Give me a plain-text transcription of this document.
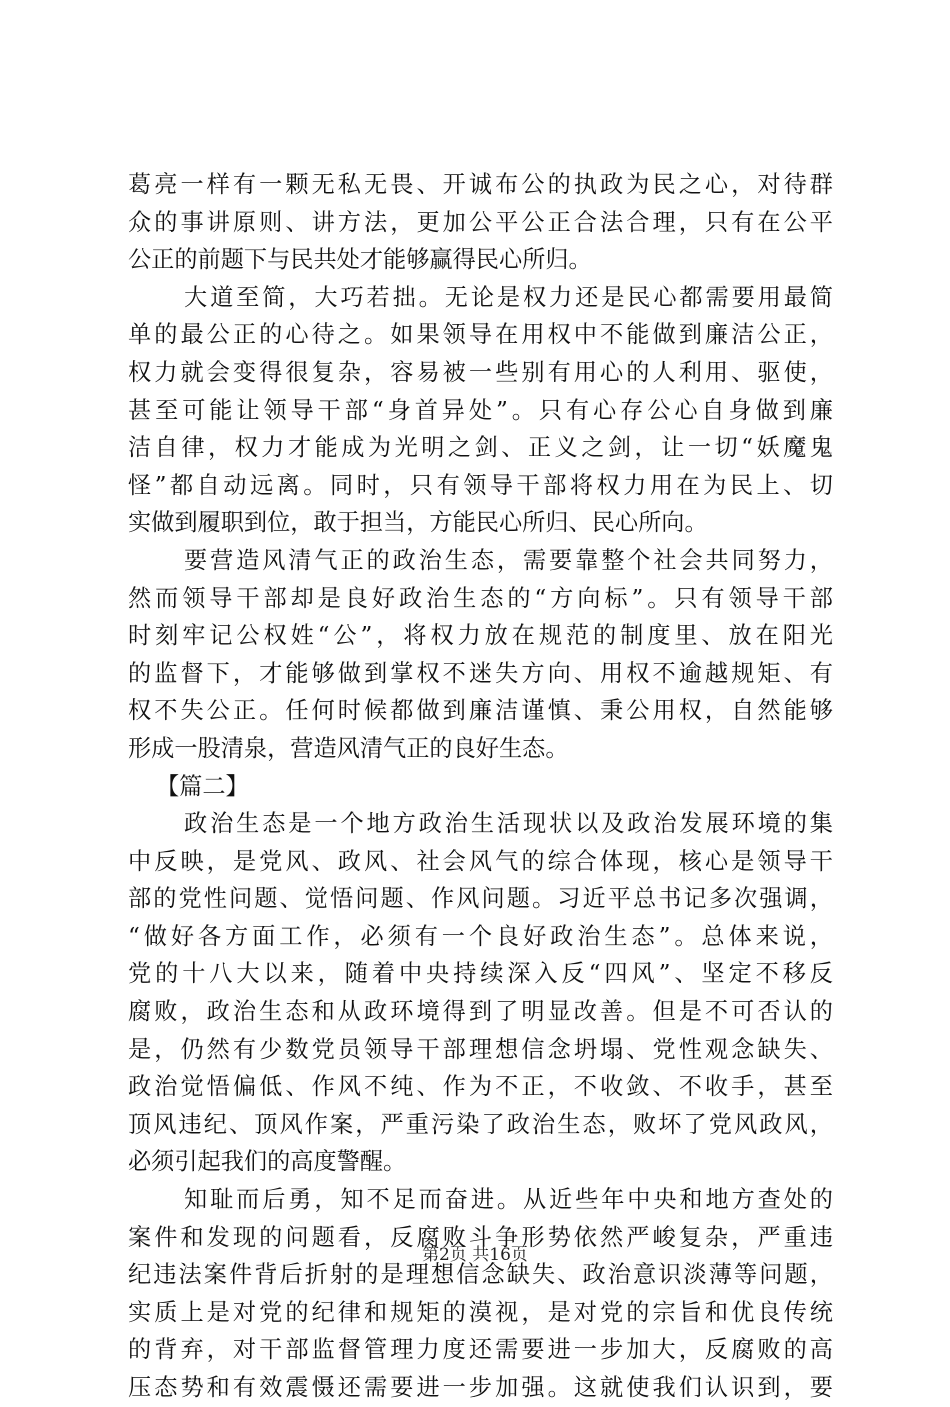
葛亮一样有一颗无私无畏、开诚布公的执政为民之心，对待群
众的事讲原则、讲方法，更加公平公正合法合理，只有在公平
公正的前题下与民共处才能够赢得民心所归。
大道至简，大巧若拙。无论是权力还是民心都需要用最简
单的最公正的心待之。如果领导在用权中不能做到廉洁公正，
权力就会变得很复杂，容易被一些别有用心的人利用、驱使，
甚至可能让领导干部“身首异处”。只有心存公心自身做到廉
洁自律，权力才能成为光明之剑、正义之剑，让一切“妖魔鬼
怪”都自动远离。同时，只有领导干部将权力用在为民上、切
实做到履职到位，敢于担当，方能民心所归、民心所向。
要营造风清气正的政治生态，需要靠整个社会共同努力，
然而领导干部却是良好政治生态的“方向标”。只有领导干部
时刻牢记公权姓“公”，将权力放在规范的制度里、放在阳光
的监督下，才能够做到掌权不迷失方向、用权不逾越规矩、有
权不失公正。任何时候都做到廉洁谨慎、秉公用权，自然能够
形成一股清泉，营造风清气正的良好生态。
【篇二】
政治生态是一个地方政治生活现状以及政治发展环境的集
中反映，是党风、政风、社会风气的综合体现，核心是领导干
部的党性问题、觉悟问题、作风问题。习近平总书记多次强调，
“做好各方面工作，必须有一个良好政治生态”。总体来说，
党的十八大以来，随着中央持续深入反“四风”、坚定不移反
腐败，政治生态和从政环境得到了明显改善。但是不可否认的
是，仍然有少数党员领导干部理想信念坍塌、党性观念缺失、
政治觉悟偏低、作风不纯、作为不正，不收敛、不收手，甚至
顶风违纪、顶风作案，严重污染了政治生态，败坏了党风政风，
必须引起我们的高度警醒。
知耻而后勇，知不足而奋进。从近些年中央和地方查处的
案件和发现的问题看，反腐败斗争形势依然严峻复杂，严重违
纪违法案件背后折射的是理想信念缺失、政治意识淡薄等问题，
实质上是对党的纪律和规矩的漠视，是对党的宗旨和优良传统
的背弃，对干部监督管理力度还需要进一步加大，反腐败的高
压态势和有效震慑还需要进一步加强。这就使我们认识到，要
第2页 共16页
